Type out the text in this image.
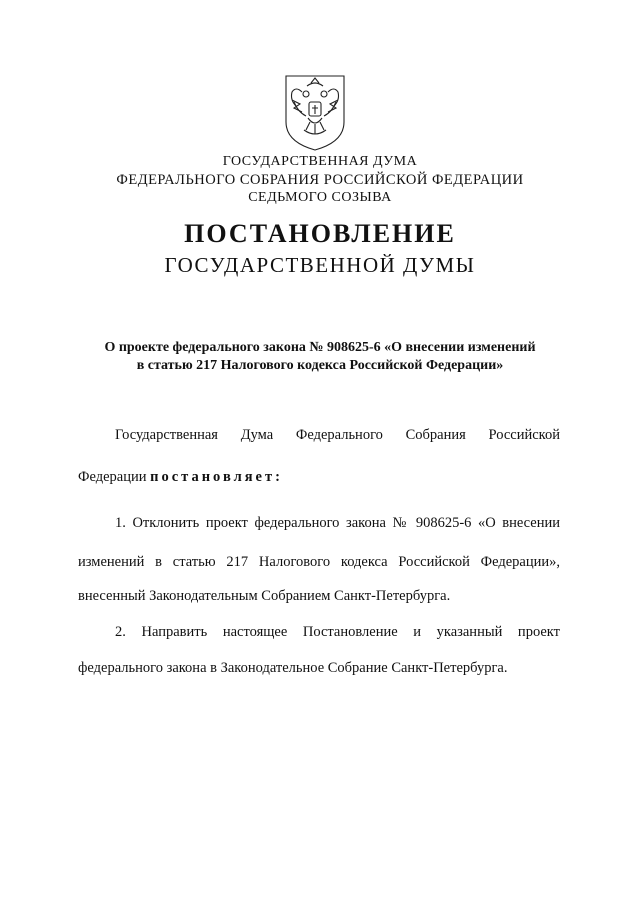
ГОСУДАРСТВЕННАЯ ДУМА
ФЕДЕРАЛЬНОГО СОБРАНИЯ РОССИЙСКОЙ ФЕДЕРАЦИИ
СЕДЬМОГО СОЗЫВА
ПОСТАНОВЛЕНИЕ
ГОСУДАРСТВЕННОЙ ДУМЫ
О проекте федерального закона № 908625-6 «О внесении изменений
в статью 217 Налогового кодекса Российской Федерации»
Государственная Дума Федерального Собрания Российской
Федерации постановляет:
1. Отклонить проект федерального закона № 908625-6 «О внесении
изменений в статью 217 Налогового кодекса Российской Федерации»,
внесенный Законодательным Собранием Санкт-Петербурга.
2. Направить настоящее Постановление и указанный проект
федерального закона в Законодательное Собрание Санкт-Петербурга.
